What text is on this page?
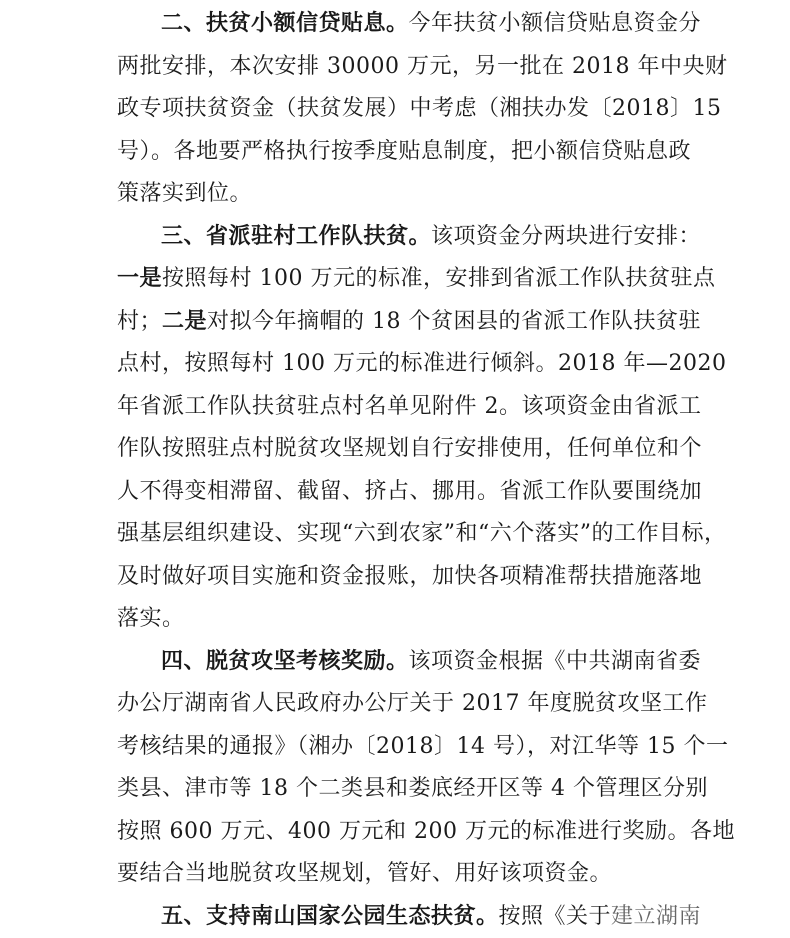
二、扶贫小额信贷贴息。今年扶贫小额信贷贴息资金分
两批安排，本次安排 30000 万元，另一批在 2018 年中央财
政专项扶贫资金（扶贫发展）中考虑（湘扶办发〔2018〕15
号）。各地要严格执行按季度贴息制度，把小额信贷贴息政
策落实到位。
三、省派驻村工作队扶贫。该项资金分两块进行安排：
一是按照每村 100 万元的标准，安排到省派工作队扶贫驻点
村；二是对拟今年摘帽的 18 个贫困县的省派工作队扶贫驻
点村，按照每村 100 万元的标准进行倾斜。2018 年—2020
年省派工作队扶贫驻点村名单见附件 2。该项资金由省派工
作队按照驻点村脱贫攻坚规划自行安排使用，任何单位和个
人不得变相滞留、截留、挤占、挪用。省派工作队要围绕加
强基层组织建设、实现“六到农家”和“六个落实”的工作目标，
及时做好项目实施和资金报账，加快各项精准帮扶措施落地
落实。
四、脱贫攻坚考核奖励。该项资金根据《中共湖南省委
办公厅湖南省人民政府办公厅关于 2017 年度脱贫攻坚工作
考核结果的通报》（湘办〔2018〕14 号），对江华等 15 个一
类县、津市等 18 个二类县和娄底经开区等 4 个管理区分别
按照 600 万元、400 万元和 200 万元的标准进行奖励。各地
要结合当地脱贫攻坚规划，管好、用好该项资金。
五、支持南山国家公园生态扶贫。按照《关于建立湖南
